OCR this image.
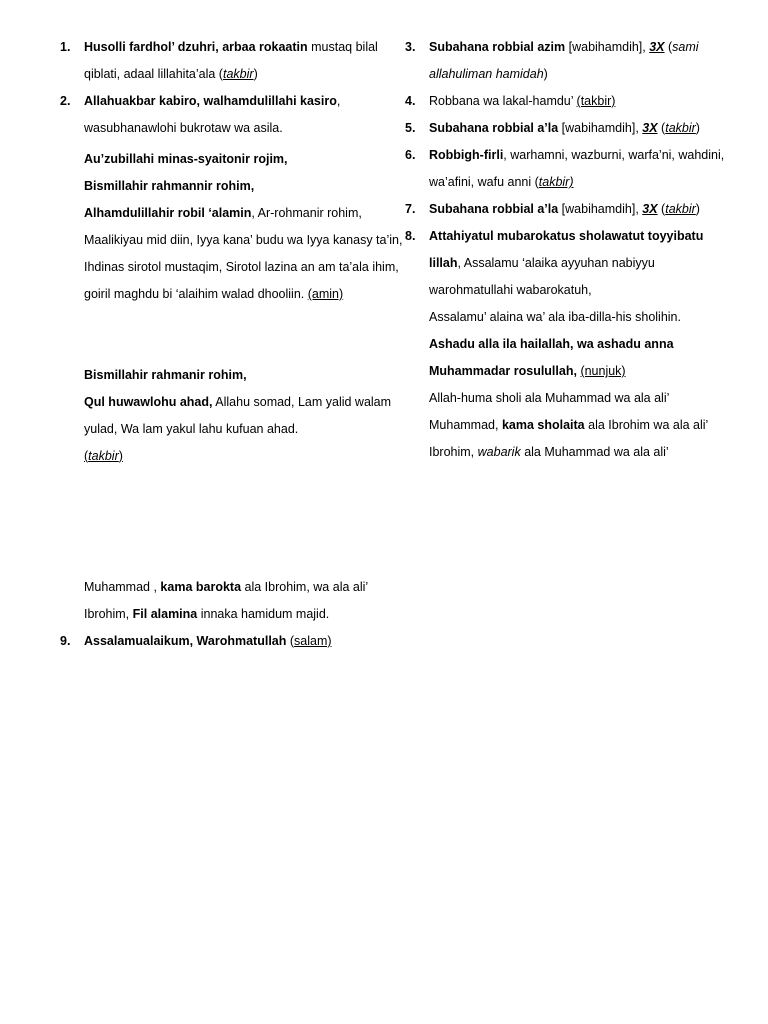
1.	Husolli fardhol’ dzuhri, arbaa rokaatin mustaq bilal qiblati, adaal lillahita’ala (takbir)
2.	Allahuakbar kabiro, walhamdulillahi kasiro, wasubhanawlohi bukrotaw wa asila.
Au’zubillahi minas-syaitonir rojim,
Bismillahir rahmannir rohim,
Alhamdulillahir robil ‘alamin, Ar-rohmanir rohim, Maalikiyau mid diin, Iyya kana’ budu wa Iyya kanasy ta’in, Ihdinas sirotol mustaqim, Sirotol lazina an am ta’ala ihim, goiril maghdu bi ‘alaihim walad dhooliin. (amin)
Bismillahir rahmanir rohim,
Qul huwawlohu ahad, Allahu somad, Lam yalid walam yulad, Wa lam yakul lahu kufuan ahad.
(takbir)
Muhammad , kama barokta ala Ibrohim, wa ala ali’ Ibrohim, Fil alamina innaka hamidum majid.
9.	Assalamualaikum, Warohmatullah (salam)
3.	Subahana robbial azim [wabihamdih], 3X (sami allahuliman hamidah)
4.	Robbana wa lakal-hamdu’ (takbir)
5.	Subahana robbial a’la [wabihamdih], 3X (takbir)
6.	Robbigh-firli, warhamni, wazburni, warfa’ni, wahdini, wa’afini, wafu anni (takbir)
7.	Subahana robbial a’la [wabihamdih], 3X (takbir)
8.	Attahiyatul mubarokatus sholawatut toyyibatu lillah, Assalamu ‘alaika ayyuhan nabiyyu warohmatullahi wabarokatuh,
Assalamu’ alaina wa’ ala iba-dilla-his sholihin.
Ashadu alla ila hailallah, wa ashadu anna Muhammadar rosulullah, (nunjuk)
Allah-huma sholi ala Muhammad wa ala ali’ Muhammad, kama sholaita ala Ibrohim wa ala ali’ Ibrohim, wabarik ala Muhammad wa ala ali’
